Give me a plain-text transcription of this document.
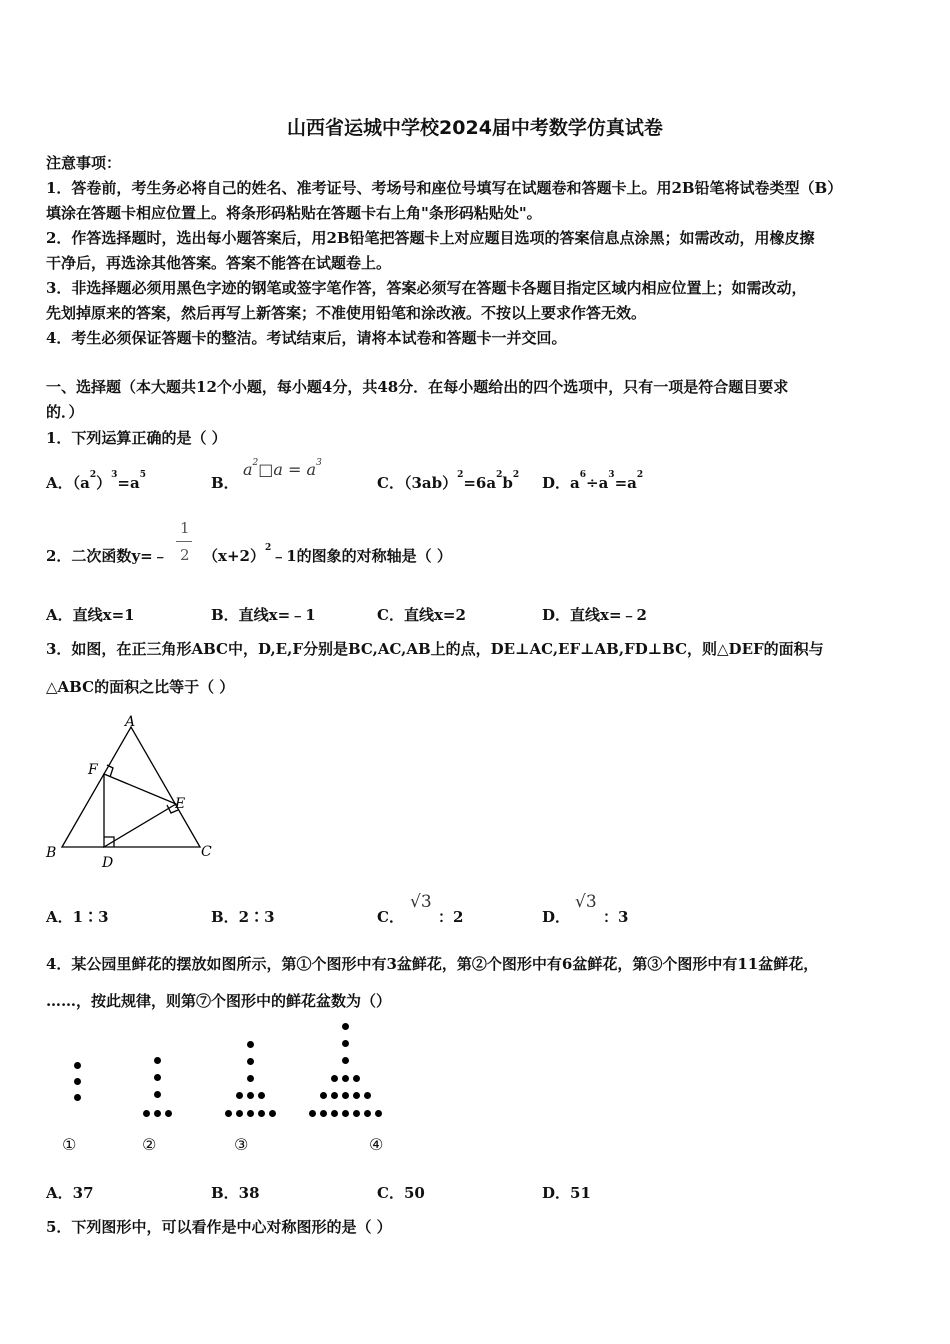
山西省运城中学校2024届中考数学仿真试卷
注意事项：
1．答卷前，考生务必将自己的姓名、准考证号、考场号和座位号填写在试题卷和答题卡上。用2B铅笔将试卷类型（B）
填涂在答题卡相应位置上。将条形码粘贴在答题卡右上角"条形码粘贴处"。
2．作答选择题时，选出每小题答案后，用2B铅笔把答题卡上对应题目选项的答案信息点涂黑；如需改动，用橡皮擦
干净后，再选涂其他答案。答案不能答在试题卷上。
3．非选择题必须用黑色字迹的钢笔或签字笔作答，答案必须写在答题卡各题目指定区域内相应位置上；如需改动，
先划掉原来的答案，然后再写上新答案；不准使用铅笔和涂改液。不按以上要求作答无效。
4．考生必须保证答题卡的整洁。考试结束后，请将本试卷和答题卡一并交回。
一、选择题（本大题共12个小题，每小题4分，共48分．在每小题给出的四个选项中，只有一项是符合题目要求
的．）
1．下列运算正确的是（ ）
A．$(a^2)^3=a^5$	B．
$a^2□a = a^3$
C．$(3ab)^2=6a^2b^2$ D．$a^6\div a^3=a^2$
2．二次函数y=﹣
1
2 $(x+2)^2﹣1$的图象的对称轴是（ ）
A．直线x=1	B．直线x=﹣1	C．直线x=2	D．直线x=﹣2
3．如图，在正三角形ABC中，D,E,F分别是BC,AC,AB上的点，DE⊥AC,EF⊥AB,FD⊥BC，则△DEF的面积与
△ABC的面积之比等于（ ）
A
B	C
D
E
F
A．1∶3	B．2∶3	C．
√3
：2	D．
√3
：3
4．某公园里鲜花的摆放如图所示，第①个图形中有3盆鲜花，第②个图形中有6盆鲜花，第③个图形中有11盆鲜花，
……，按此规律，则第⑦个图形中的鲜花盆数为（）
①	②	③	④
A．37	B．38	C．50	D．51
5．下列图形中，可以看作是中心对称图形的是（ ）
